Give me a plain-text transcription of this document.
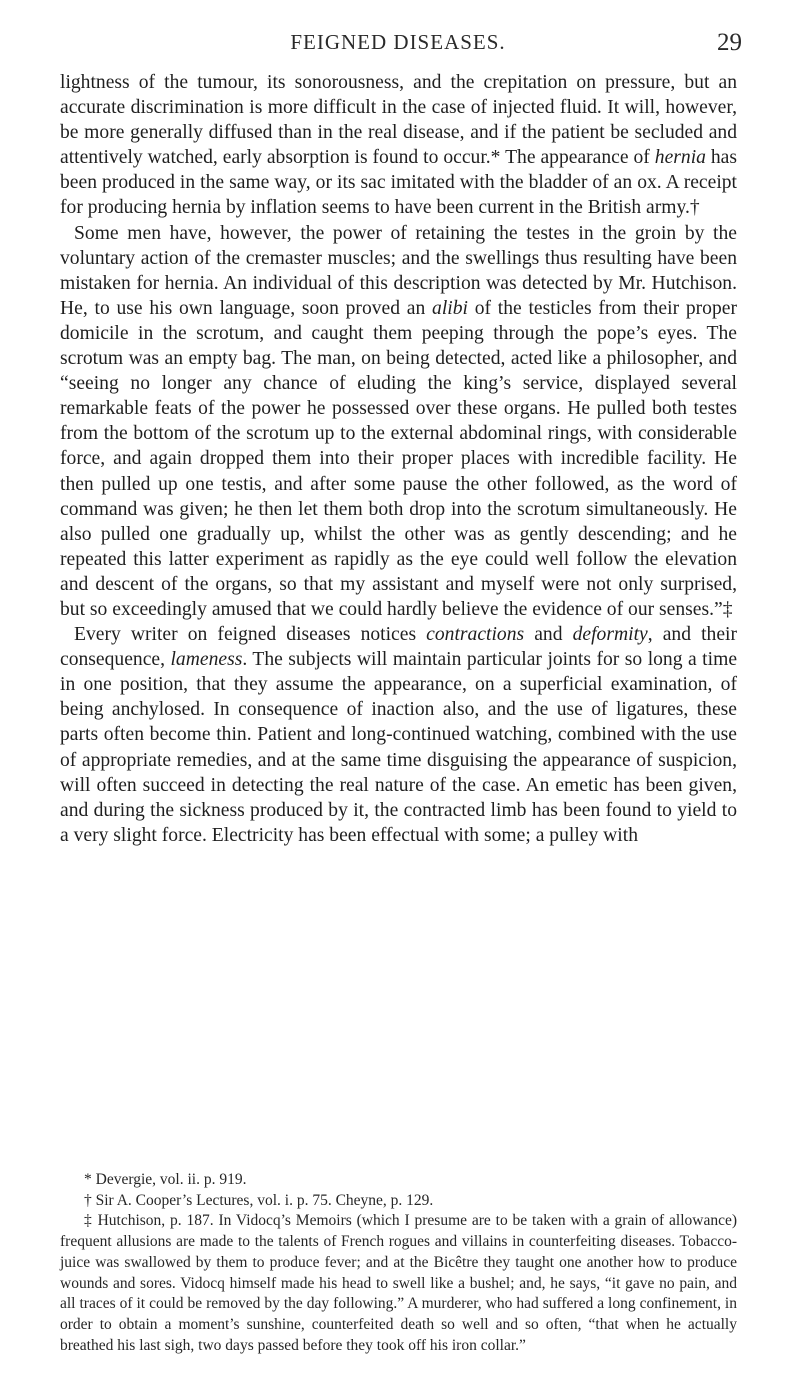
FEIGNED DISEASES.	29

lightness of the tumour, its sonorousness, and the crepitation on pressure, but an accurate discrimination is more difficult in the case of injected fluid. It will, however, be more generally diffused than in the real disease, and if the patient be secluded and attentively watched, early absorption is found to occur.* The appearance of hernia has been produced in the same way, or its sac imitated with the bladder of an ox. A receipt for producing hernia by inflation seems to have been current in the British army.†

Some men have, however, the power of retaining the testes in the groin by the voluntary action of the cremaster muscles; and the swellings thus resulting have been mistaken for hernia. An individual of this description was detected by Mr. Hutchison. He, to use his own language, soon proved an alibi of the testicles from their proper domicile in the scrotum, and caught them peeping through the pope’s eyes. The scrotum was an empty bag. The man, on being detected, acted like a philosopher, and “seeing no longer any chance of eluding the king’s service, displayed several remarkable feats of the power he possessed over these organs. He pulled both testes from the bottom of the scrotum up to the external abdominal rings, with considerable force, and again dropped them into their proper places with incredible facility. He then pulled up one testis, and after some pause the other followed, as the word of command was given; he then let them both drop into the scrotum simultaneously. He also pulled one gradually up, whilst the other was as gently descending; and he repeated this latter experiment as rapidly as the eye could well follow the elevation and descent of the organs, so that my assistant and myself were not only surprised, but so exceedingly amused that we could hardly believe the evidence of our senses.”‡

Every writer on feigned diseases notices contractions and deformity, and their consequence, lameness. The subjects will maintain particular joints for so long a time in one position, that they assume the appearance, on a superficial examination, of being anchylosed. In consequence of inaction also, and the use of ligatures, these parts often become thin. Patient and long-continued watching, combined with the use of appropriate remedies, and at the same time disguising the appearance of suspicion, will often succeed in detecting the real nature of the case. An emetic has been given, and during the sickness produced by it, the contracted limb has been found to yield to a very slight force. Electricity has been effectual with some; a pulley with

* Devergie, vol. ii. p. 919.

† Sir A. Cooper’s Lectures, vol. i. p. 75. Cheyne, p. 129.

‡ Hutchison, p. 187. In Vidocq’s Memoirs (which I presume are to be taken with a grain of allowance) frequent allusions are made to the talents of French rogues and villains in counterfeiting diseases. Tobacco-juice was swallowed by them to produce fever; and at the Bicêtre they taught one another how to produce wounds and sores. Vidocq himself made his head to swell like a bushel; and, he says, “it gave no pain, and all traces of it could be removed by the day following.” A murderer, who had suffered a long confinement, in order to obtain a moment’s sunshine, counterfeited death so well and so often, “that when he actually breathed his last sigh, two days passed before they took off his iron collar.”
